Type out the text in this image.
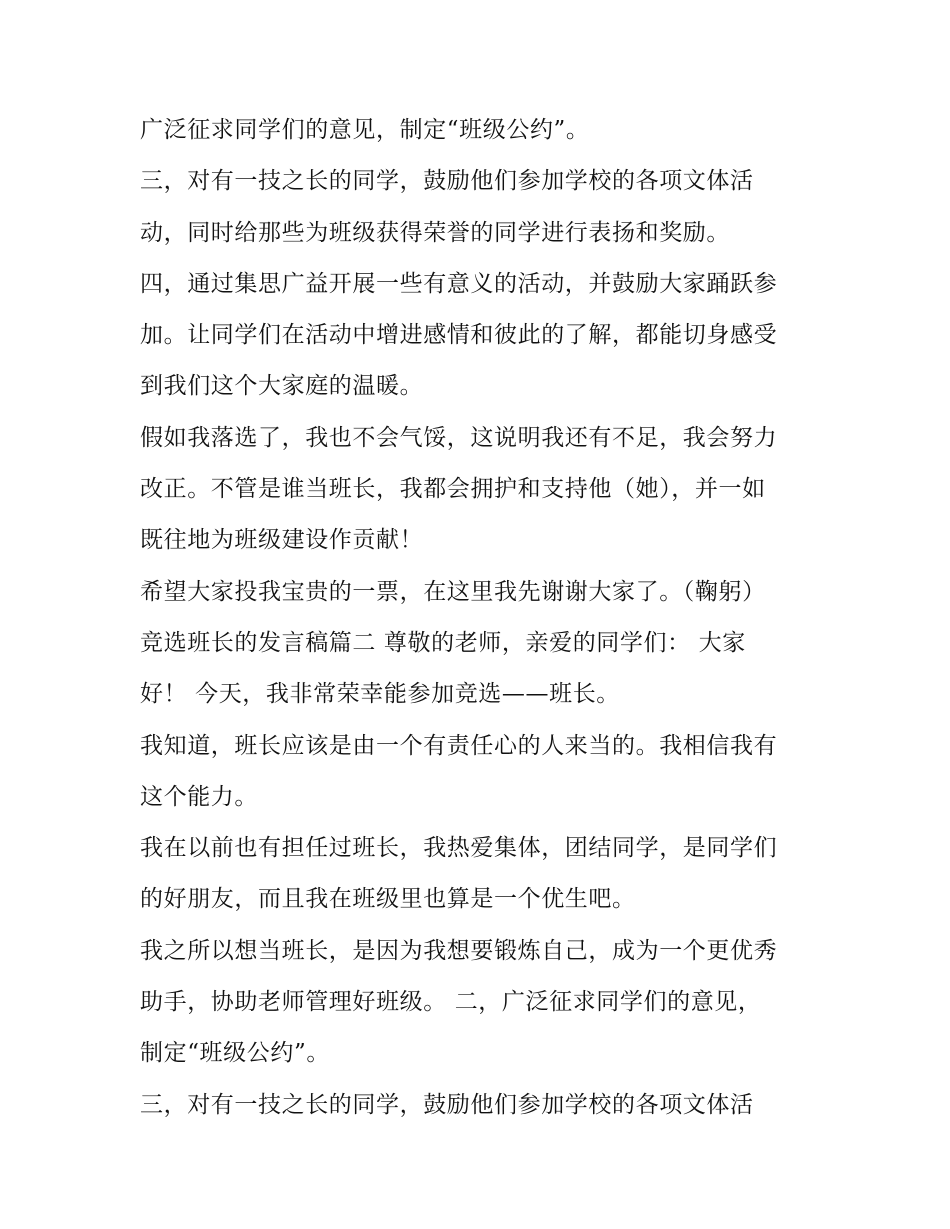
广泛征求同学们的意见，制定“班级公约”。
三，对有一技之长的同学，鼓励他们参加学校的各项文体活
动，同时给那些为班级获得荣誉的同学进行表扬和奖励。
四，通过集思广益开展一些有意义的活动，并鼓励大家踊跃参
加。让同学们在活动中增进感情和彼此的了解，都能切身感受
到我们这个大家庭的温暖。
假如我落选了，我也不会气馁，这说明我还有不足，我会努力
改正。不管是谁当班长，我都会拥护和支持他（她），并一如
既往地为班级建设作贡献！
希望大家投我宝贵的一票，在这里我先谢谢大家了。（鞠躬）
竞选班长的发言稿篇二 尊敬的老师，亲爱的同学们： 大家
好！ 今天，我非常荣幸能参加竞选——班长。
我知道，班长应该是由一个有责任心的人来当的。我相信我有
这个能力。
我在以前也有担任过班长，我热爱集体，团结同学，是同学们
的好朋友，而且我在班级里也算是一个优生吧。
我之所以想当班长，是因为我想要锻炼自己，成为一个更优秀
助手，协助老师管理好班级。 二，广泛征求同学们的意见，
制定“班级公约”。
三，对有一技之长的同学，鼓励他们参加学校的各项文体活
